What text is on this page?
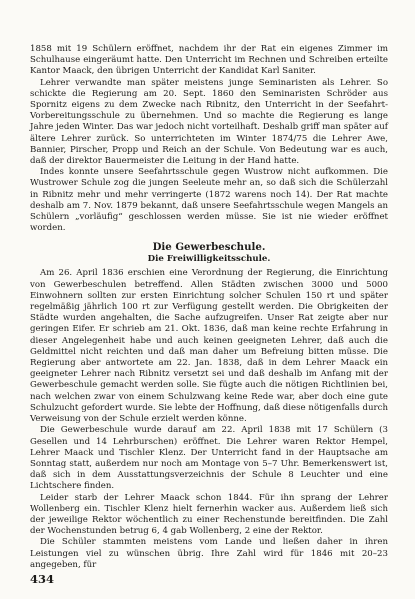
1858 mit 19 Schülern eröffnet, nachdem ihr der Rat ein eigenes Zimmer im Schulhause eingeräumt hatte. Den Unterricht im Rechnen und Schreiben erteilte Kantor Maack, den übrigen Unterricht der Kandidat Karl Saniter.

Lehrer verwandte man später meistens junge Seminaristen als Lehrer. So schickte die Regierung am 20. Sept. 1860 den Seminaristen Schröder aus Spornitz eigens zu dem Zwecke nach Ribnitz, den Unterricht in der Seefahrt-Vorbereitungsschule zu übernehmen. Und so machte die Regierung es lange Jahre jeden Winter. Das war jedoch nicht vorteilhaft. Deshalb griff man später auf ältere Lehrer zurück. So unterrichteten im Winter 1874/75 die Lehrer Awe, Bannier, Pirscher, Propp und Reich an der Schule. Von Bedeutung war es auch, daß der direktor Bauermeister die Leitung in der Hand hatte.

Indes konnte unsere Seefahrtsschule gegen Wustrow nicht aufkommen. Die Wustrower Schule zog die jungen Seeleute mehr an, so daß sich die Schülerzahl in Ribnitz mehr und mehr verringerte (1872 warens noch 14). Der Rat machte deshalb am 7. Nov. 1879 bekannt, daß unsere Seefahrtsschule wegen Mangels an Schülern „vorläufig“ geschlossen werden müsse. Sie ist nie wieder eröffnet worden.

Die Gewerbeschule.
Die Freiwilligkeitsschule.

Am 26. April 1836 erschien eine Verordnung der Regierung, die Einrichtung von Gewerbeschulen betreffend. Allen Städten zwischen 3000 und 5000 Einwohnern sollten zur ersten Einrichtung solcher Schulen 150 rt und später regelmäßig jährlich 100 rt zur Verfügung gestellt werden. Die Obrigkeiten der Städte wurden angehalten, die Sache aufzugreifen. Unser Rat zeigte aber nur geringen Eifer. Er schrieb am 21. Okt. 1836, daß man keine rechte Erfahrung in dieser Angelegenheit habe und auch keinen geeigneten Lehrer, daß auch die Geldmittel nicht reichten und daß man daher um Befreiung bitten müsse. Die Regierung aber antwortete am 22. Jan. 1838, daß in dem Lehrer Maack ein geeigneter Lehrer nach Ribnitz versetzt sei und daß deshalb im Anfang mit der Gewerbeschule gemacht werden solle. Sie fügte auch die nötigen Richtlinien bei, nach welchen zwar von einem Schulzwang keine Rede war, aber doch eine gute Schulzucht gefordert wurde. Sie lebte der Hoffnung, daß diese nötigenfalls durch Verweisung von der Schule erzielt werden könne.

Die Gewerbeschule wurde darauf am 22. April 1838 mit 17 Schülern (3 Gesellen und 14 Lehrburschen) eröffnet. Die Lehrer waren Rektor Hempel, Lehrer Maack und Tischler Klenz. Der Unterricht fand in der Hauptsache am Sonntag statt, außerdem nur noch am Montage von 5–7 Uhr. Bemerkenswert ist, daß sich in dem Ausstattungsverzeichnis der Schule 8 Leuchter und eine Lichtschere finden.

Leider starb der Lehrer Maack schon 1844. Für ihn sprang der Lehrer Wollenberg ein. Tischler Klenz hielt fernerhin wacker aus. Außerdem ließ sich der jeweilige Rektor wöchentlich zu einer Rechenstunde bereitfinden. Die Zahl der Wochenstunden betrug 6, 4 gab Wollenberg, 2 eine der Rektor.

Die Schüler stammten meistens vom Lande und ließen daher in ihren Leistungen viel zu wünschen übrig. Ihre Zahl wird für 1846 mit 20–23 angegeben, für

434
